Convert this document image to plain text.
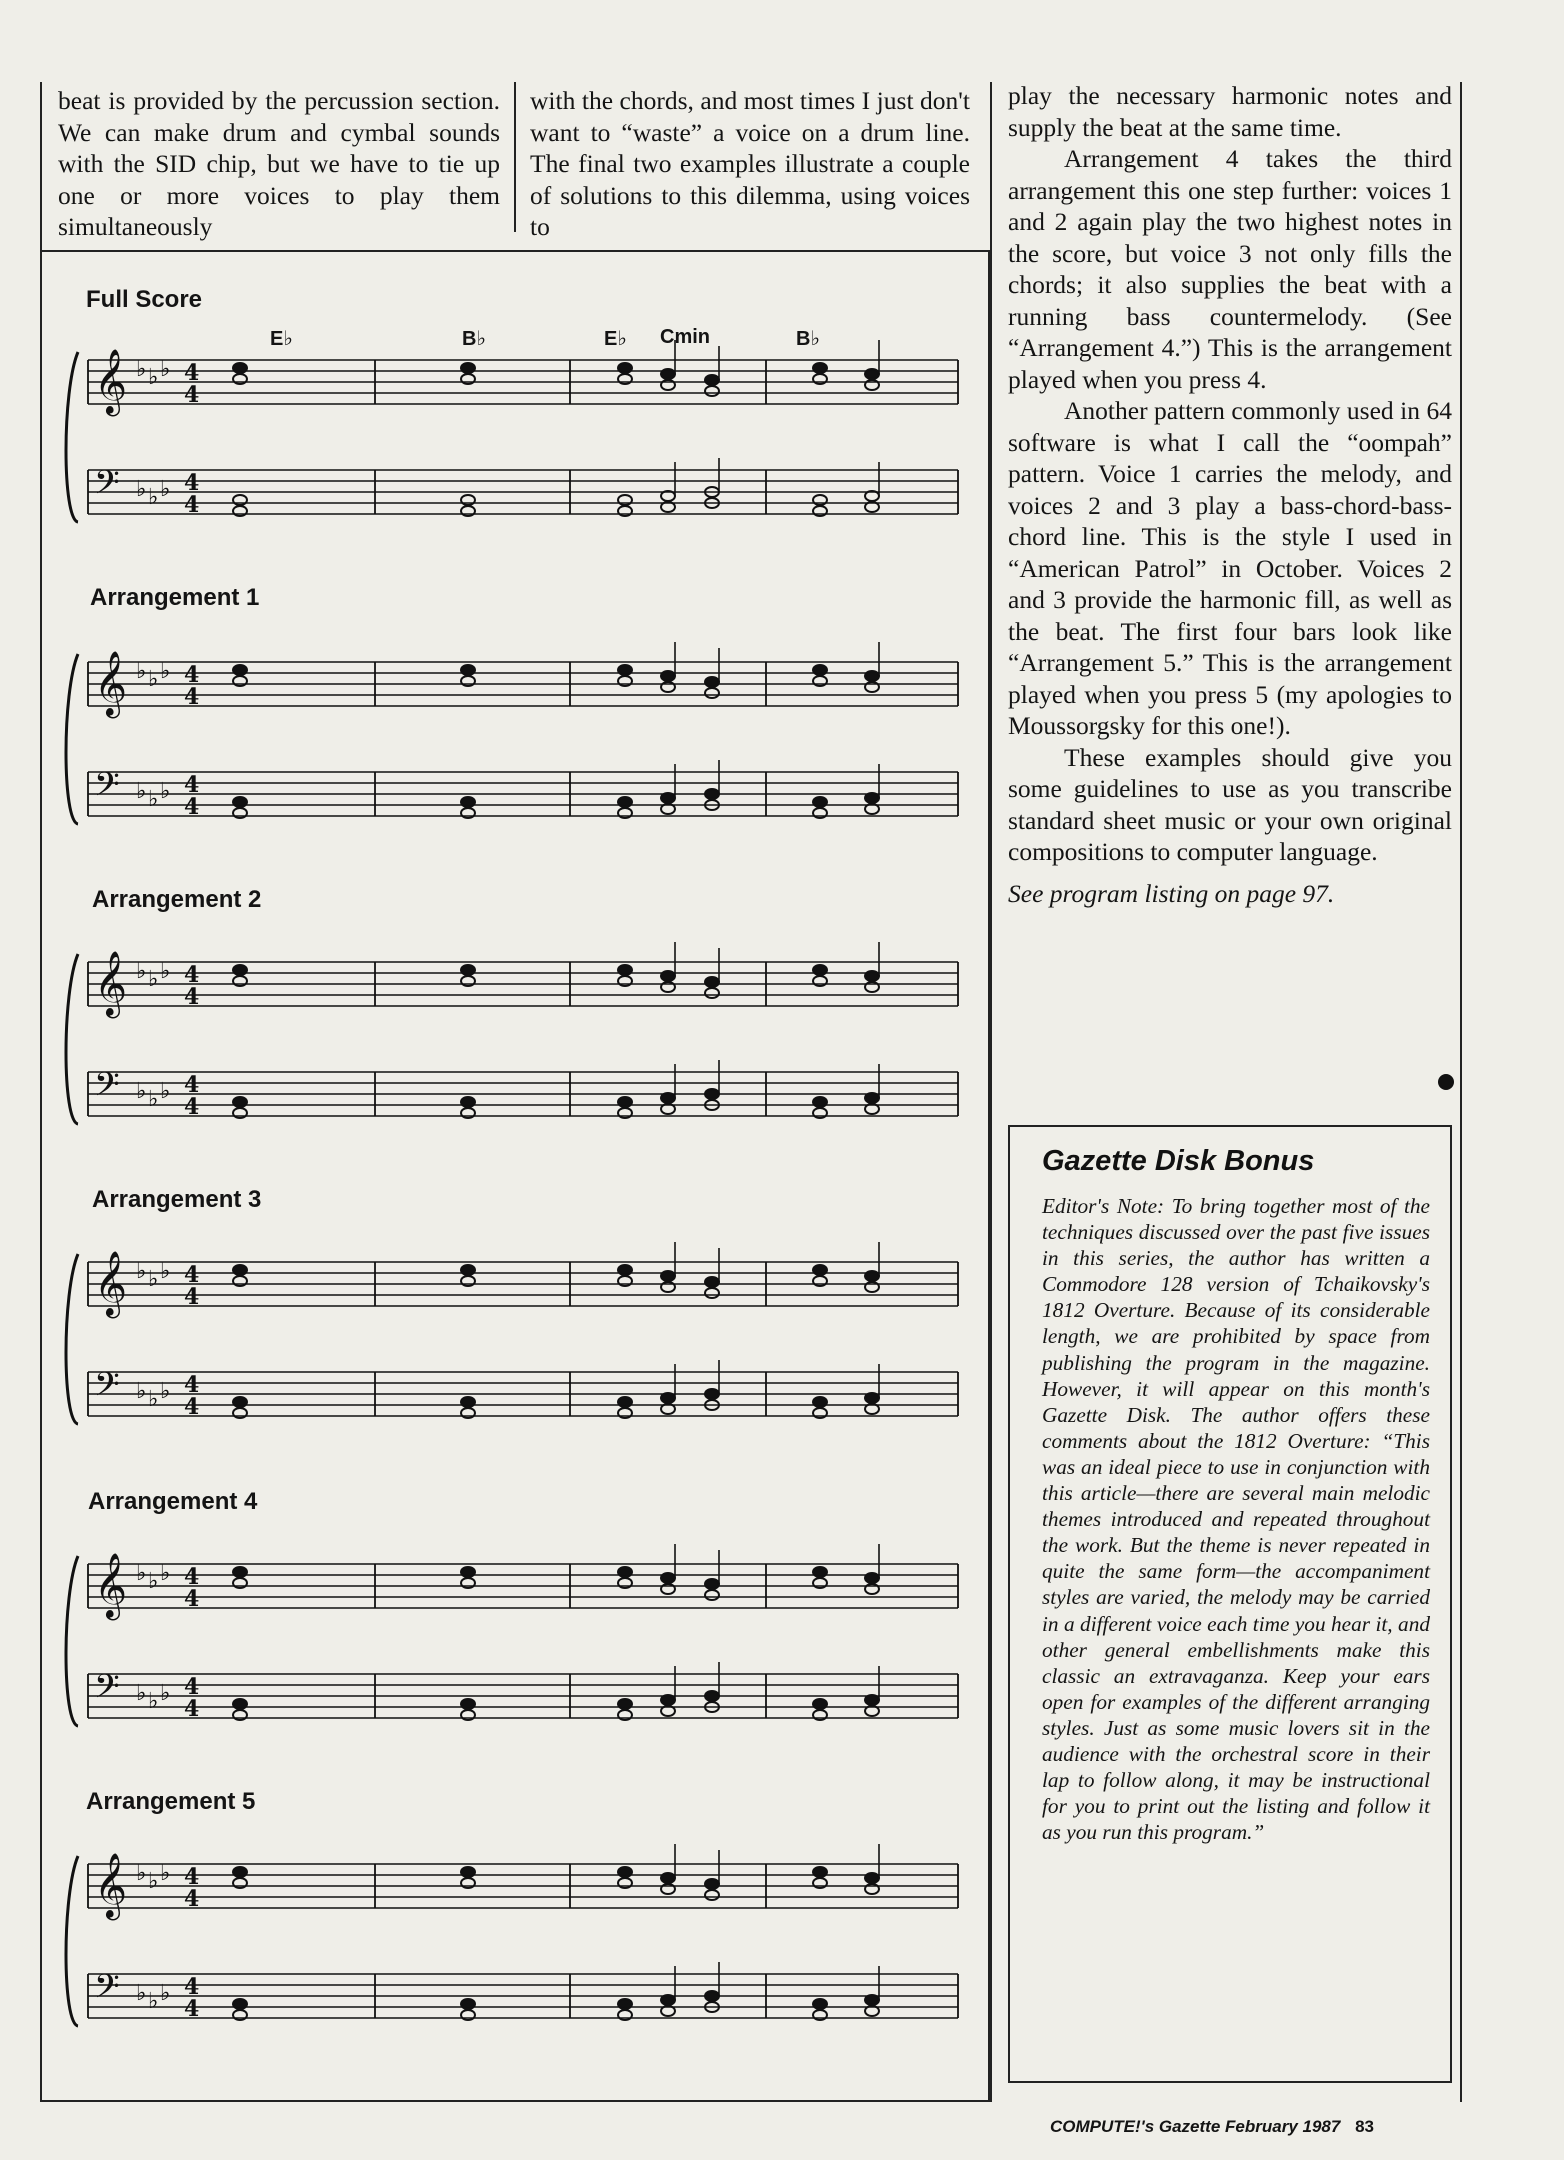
beat is provided by the percussion section. We can make drum and cymbal sounds with the SID chip, but we have to tie up one or more voices to play them simultaneously

with the chords, and most times I just don't want to “waste” a voice on a drum line. The final two examples illustrate a couple of solutions to this dilemma, using voices to

play the necessary harmonic notes and supply the beat at the same time.

Arrangement 4 takes the third arrangement this one step further: voices 1 and 2 again play the two highest notes in the score, but voice 3 not only fills the chords; it also supplies the beat with a running bass countermelody. (See “Arrangement 4.”) This is the arrangement played when you press 4.

Another pattern commonly used in 64 software is what I call the “oompah” pattern. Voice 1 carries the melody, and voices 2 and 3 play a bass-chord-bass-chord line. This is the style I used in “American Patrol” in October. Voices 2 and 3 provide the harmonic fill, as well as the beat. The first four bars look like “Arrangement 5.” This is the arrangement played when you press 5 (my apologies to Moussorgsky for this one!).

These examples should give you some guidelines to use as you transcribe standard sheet music or your own original compositions to computer language.

See program listing on page 97.

Gazette Disk Bonus
Editor's Note: To bring together most of the techniques discussed over the past five issues in this series, the author has written a Commodore 128 version of Tchaikovsky's 1812 Overture. Because of its considerable length, we are prohibited by space from publishing the program in the magazine. However, it will appear on this month's Gazette Disk. The author offers these comments about the 1812 Overture: “This was an ideal piece to use in conjunction with this article—there are several main melodic themes introduced and repeated throughout the work. But the theme is never repeated in quite the same form—the accompaniment styles are varied, the melody may be carried in a different voice each time you hear it, and other general embellishments make this classic an extravaganza. Keep your ears open for examples of the different arranging styles. Just as some music lovers sit in the audience with the orchestral score in their lap to follow along, it may be instructional for you to print out the listing and follow it as you run this program.”
Full Score
Arrangement 1
Arrangement 2
Arrangement 3
Arrangement 4
Arrangement 5
E♭	B♭	E♭ Cmin	B♭
𝄞 ♭ ♭ ♭ 4
4
𝄢 ♭ ♭ ♭ 4
4
𝄞 ♭ ♭ ♭ 4
4
𝄢 ♭ ♭ ♭ 4
4
𝄞 ♭ ♭ ♭ 4
4
𝄢 ♭ ♭ ♭ 4
4
𝄞 ♭ ♭ ♭ 4
4
𝄢 ♭ ♭ ♭ 4
4
𝄞 ♭ ♭ ♭ 4
4
𝄢 ♭ ♭ ♭ 4
4
𝄞 ♭ ♭ ♭ 4
4
𝄢 ♭ ♭ ♭ 4
4
COMPUTE!'s Gazette February 1987 83
